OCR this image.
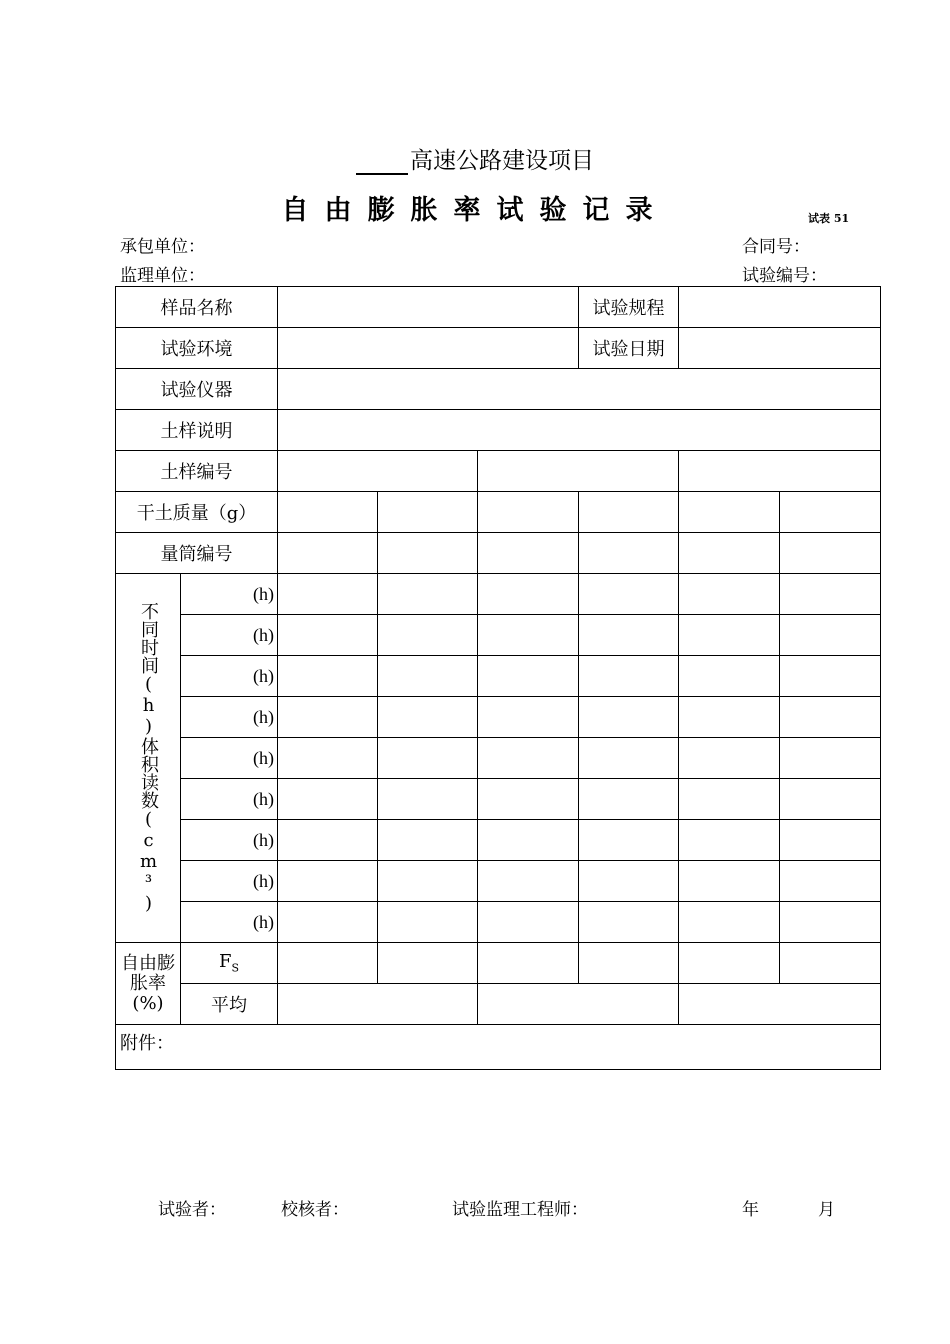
高速公路建设项目
自由膨胀率试验记录	试表 51
承包单位：	合同号：
监理单位：	试验编号：
样品名称					试验规程		
试验环境					试验日期		
试验仪器							
土样说明							
土样编号							
干土质量（g）							
量筒编号							

不同时间(h)体积读数(cm³)	(h)						
	(h)						
	(h)						
	(h)						
	(h)						
	(h)						
	(h)						
	(h)						
	(h)						
自由膨胀率(%)	$F_S$						
	平均						
附件：							
试验者：	校核者：	试验监理工程师：	年	月
